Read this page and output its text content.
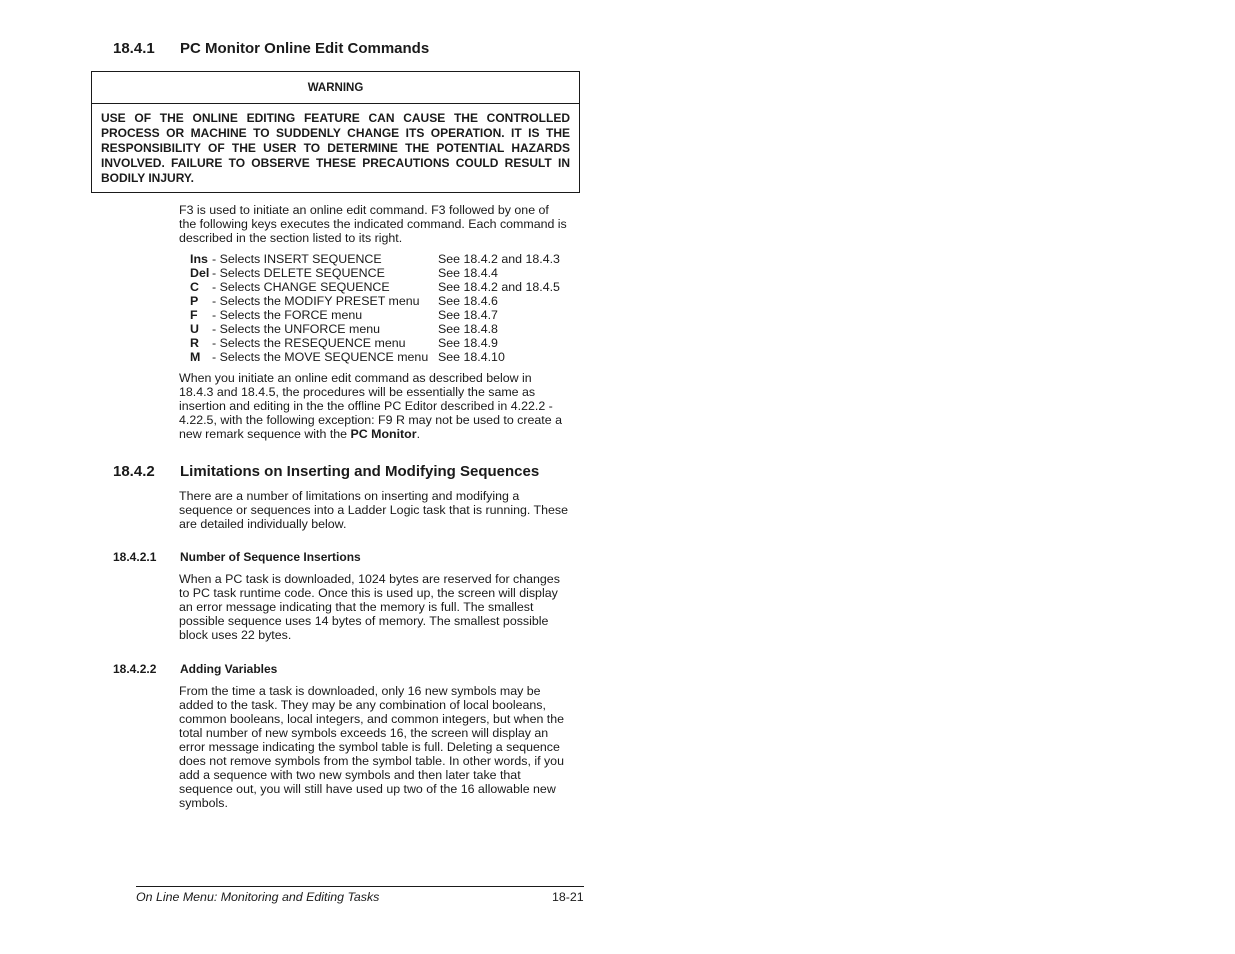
18.4.1 PC Monitor Online Edit Commands
WARNING
USE OF THE ONLINE EDITING FEATURE CAN CAUSE THE CONTROLLED PROCESS OR MACHINE TO SUDDENLY CHANGE ITS OPERATION. IT IS THE RESPONSIBILITY OF THE USER TO DETERMINE THE POTENTIAL HAZARDS INVOLVED. FAILURE TO OBSERVE THESE PRECAUTIONS COULD RESULT IN BODILY INJURY.

F3 is used to initiate an online edit command. F3 followed by one of the following keys executes the indicated command. Each command is described in the section listed to its right.

Ins	- Selects INSERT SEQUENCE	See 18.4.2 and 18.4.3
Del	- Selects DELETE SEQUENCE	See 18.4.4
C	- Selects CHANGE SEQUENCE	See 18.4.2 and 18.4.5
P	- Selects the MODIFY PRESET menu	See 18.4.6
F	- Selects the FORCE menu	See 18.4.7
U	- Selects the UNFORCE menu	See 18.4.8
R	- Selects the RESEQUENCE menu	See 18.4.9
M	- Selects the MOVE SEQUENCE menu	See 18.4.10

When you initiate an online edit command as described below in 18.4.3 and 18.4.5, the procedures will be essentially the same as insertion and editing in the the offline PC Editor described in 4.22.2 - 4.22.5, with the following exception: F9 R may not be used to create a new remark sequence with the PC Monitor.

18.4.2 Limitations on Inserting and Modifying Sequences

There are a number of limitations on inserting and modifying a sequence or sequences into a Ladder Logic task that is running. These are detailed individually below.

18.4.2.1 Number of Sequence Insertions

When a PC task is downloaded, 1024 bytes are reserved for changes to PC task runtime code. Once this is used up, the screen will display an error message indicating that the memory is full. The smallest possible sequence uses 14 bytes of memory. The smallest possible block uses 22 bytes.

18.4.2.2 Adding Variables

From the time a task is downloaded, only 16 new symbols may be added to the task. They may be any combination of local booleans, common booleans, local integers, and common integers, but when the total number of new symbols exceeds 16, the screen will display an error message indicating the symbol table is full. Deleting a sequence does not remove symbols from the symbol table. In other words, if you add a sequence with two new symbols and then later take that sequence out, you will still have used up two of the 16 allowable new symbols.

On Line Menu: Monitoring and Editing Tasks	18-21
